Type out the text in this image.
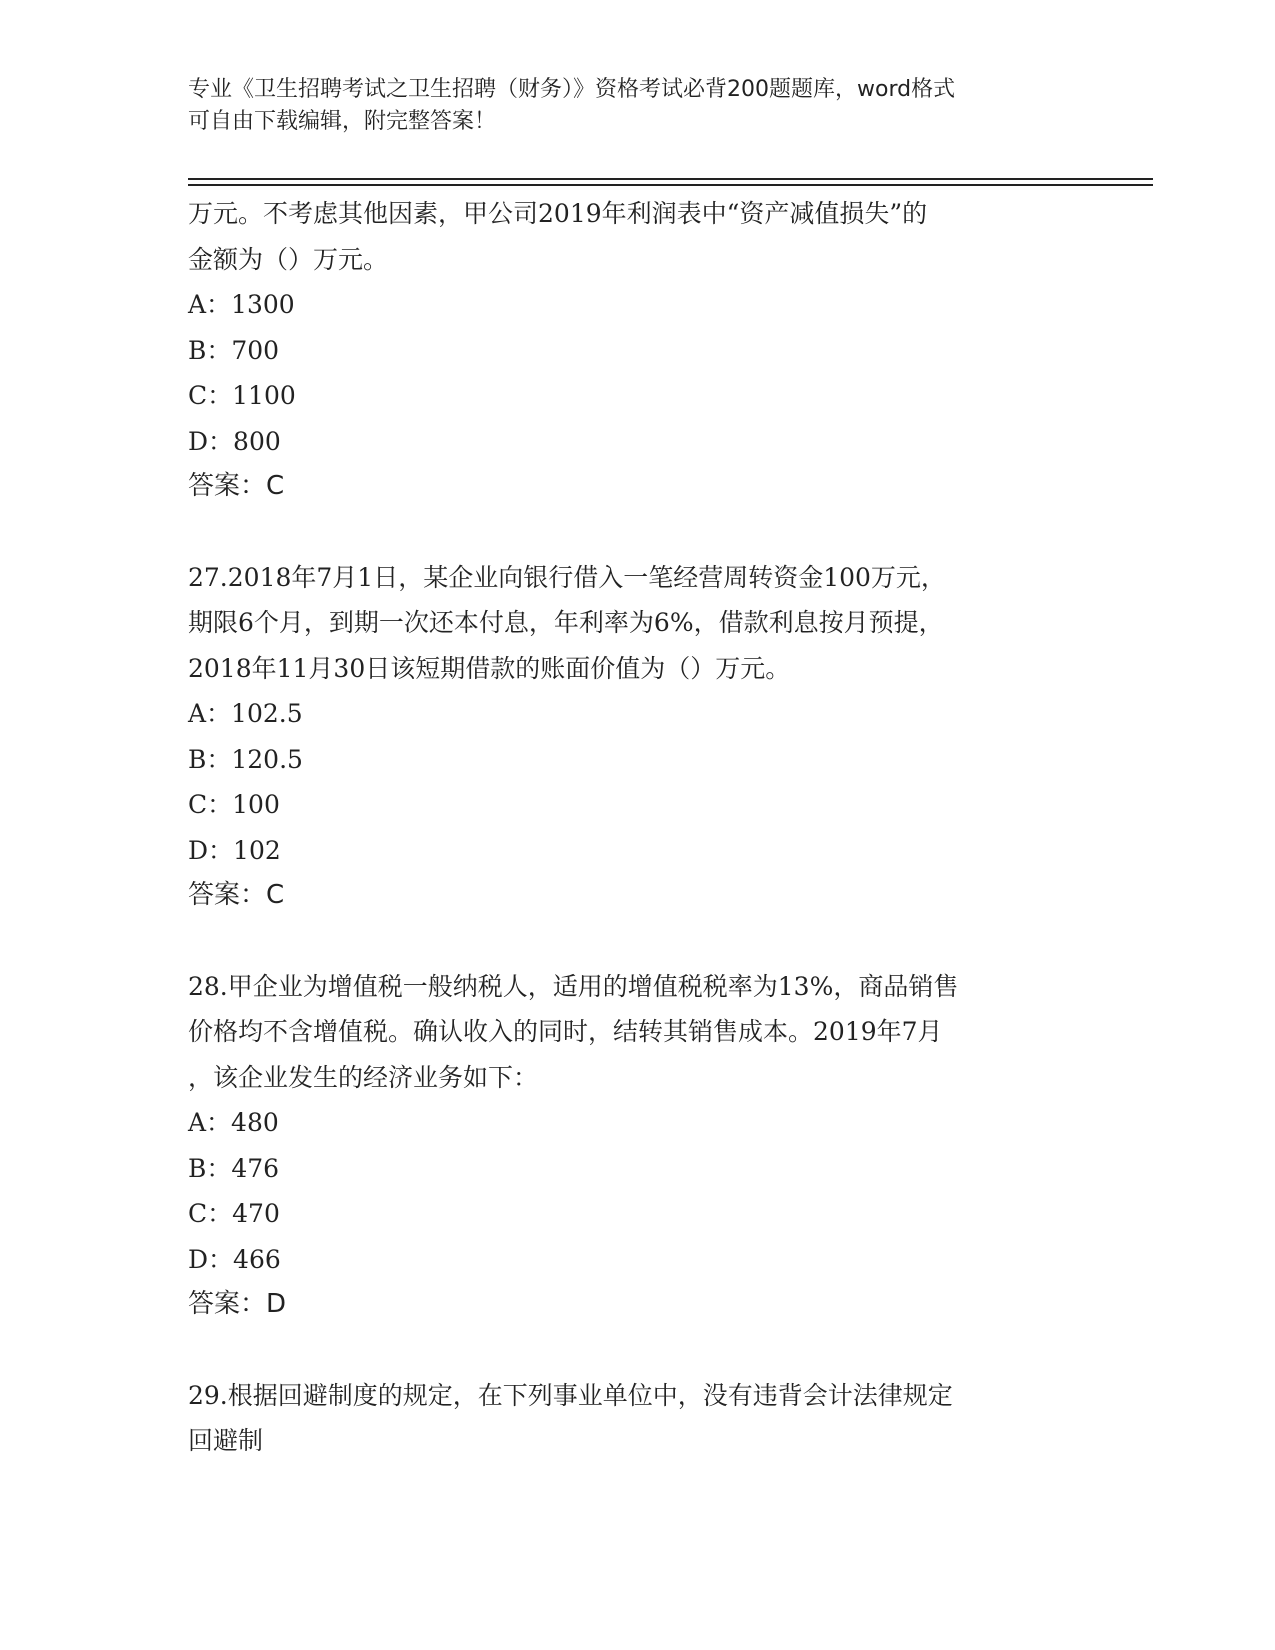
专业《卫生招聘考试之卫生招聘（财务）》资格考试必背200题题库，word格式
可自由下载编辑，附完整答案！
万元。不考虑其他因素，甲公司2019年利润表中“资产减值损失”的
金额为（）万元。
A：1300
B：700
C：1100
D：800
答案：C
27.2018年7月1日，某企业向银行借入一笔经营周转资金100万元，
期限6个月，到期一次还本付息，年利率为6%，借款利息按月预提，
2018年11月30日该短期借款的账面价值为（）万元。
A：102.5
B：120.5
C：100
D：102
答案：C
28.甲企业为增值税一般纳税人，适用的增值税税率为13%，商品销售
价格均不含增值税。确认收入的同时，结转其销售成本。2019年7月
，该企业发生的经济业务如下：
A：480
B：476
C：470
D：466
答案：D
29.根据回避制度的规定，在下列事业单位中，没有违背会计法律规定
回避制
